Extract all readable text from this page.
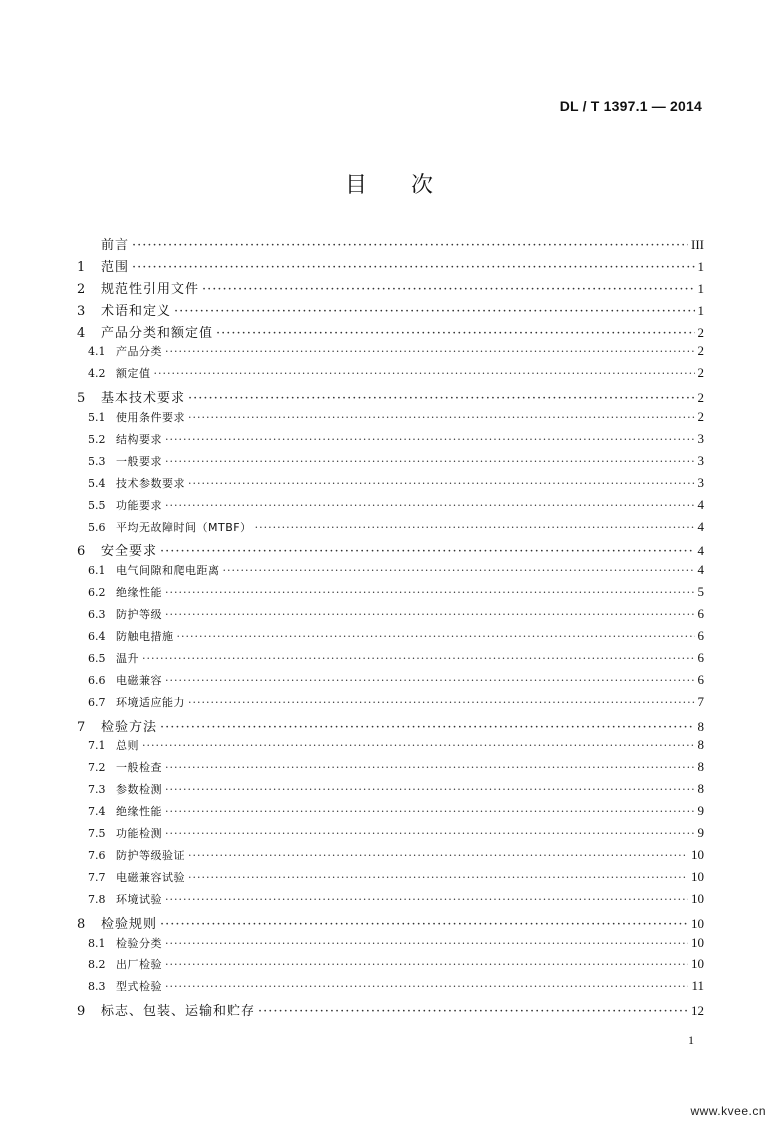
DL / T 1397.1 — 2014
目　　次
前言 ·····	III
1	范围 ·····	1
2	规范性引用文件 ·····	1
3	术语和定义 ·····	1
4	产品分类和额定值 ·····	2
4.1 产品分类 ·····	2
4.2 额定值 ·····	2
5	基本技术要求 ·····	2
5.1 使用条件要求 ·····	2
5.2 结构要求 ·····	3
5.3 一般要求 ·····	3
5.4 技术参数要求 ·····	3
5.5 功能要求 ·····	4
5.6 平均无故障时间（MTBF） ·····	4
6	安全要求 ·····	4
6.1 电气间隙和爬电距离 ·····	4
6.2 绝缘性能 ·····	5
6.3 防护等级 ·····	6
6.4 防触电措施 ·····	6
6.5 温升 ·····	6
6.6 电磁兼容 ·····	6
6.7 环境适应能力 ·····	7
7	检验方法 ·····	8
7.1 总则 ·····	8
7.2 一般检查 ·····	8
7.3 参数检测 ·····	8
7.4 绝缘性能 ·····	9
7.5 功能检测 ·····	9
7.6 防护等级验证 ·····	10
7.7 电磁兼容试验 ·····	10
7.8 环境试验 ·····	10
8	检验规则 ·····	10
8.1 检验分类 ·····	10
8.2 出厂检验 ·····	10
8.3 型式检验 ·····	11
9	标志、包装、运输和贮存 ·····	12
1
www.kvee.cn
